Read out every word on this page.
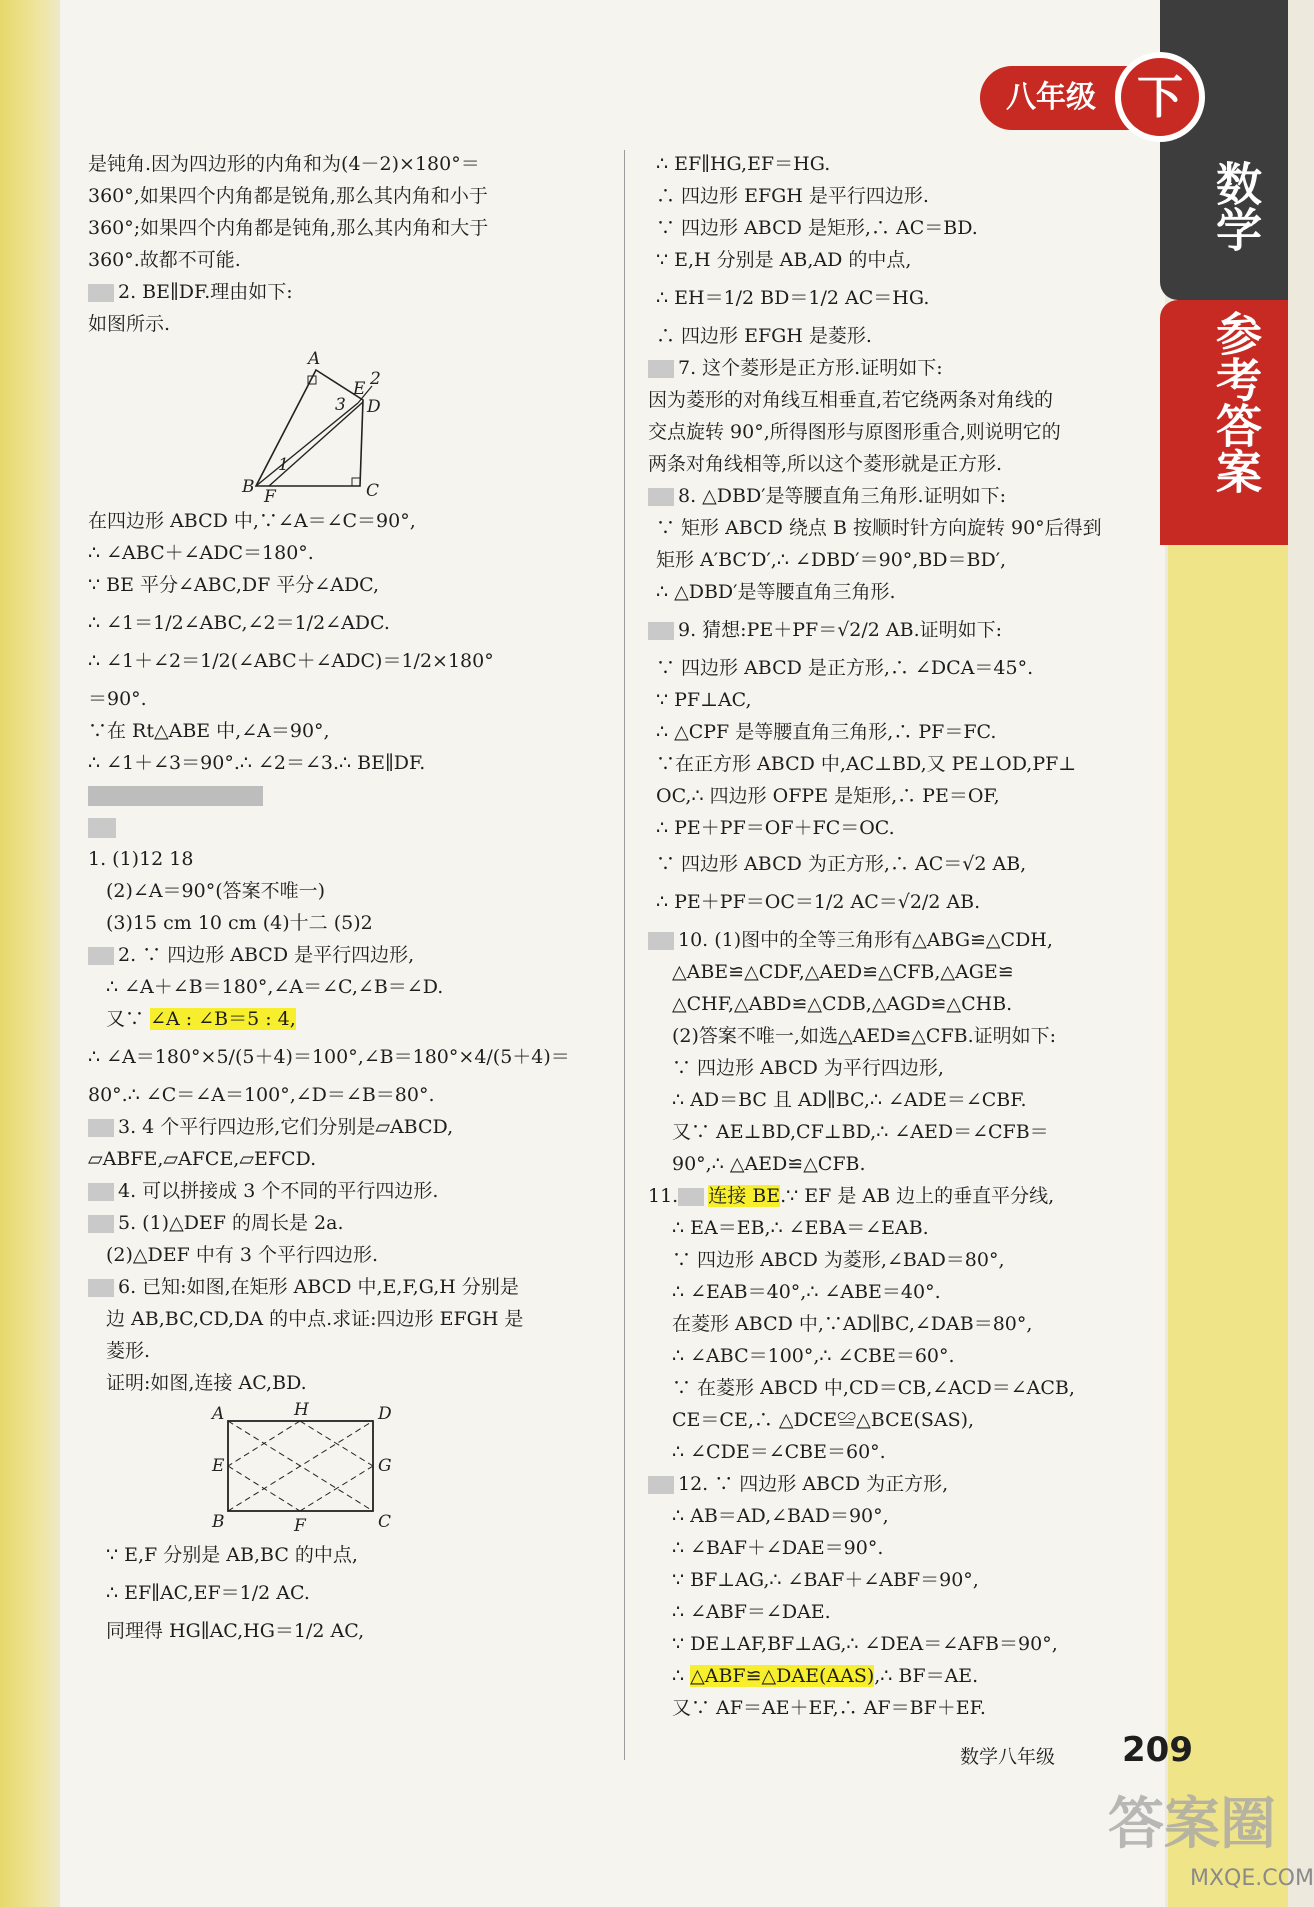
数学
参考答案
八年级 下
是钝角.因为四边形的内角和为(4－2)×180°＝
360°,如果四个内角都是锐角,那么其内角和小于
360°;如果四个内角都是钝角,那么其内角和大于
360°.故都不可能.
2. BE∥DF.理由如下:
如图所示.
A
E 2
3 D
1
B F	C
在四边形 ABCD 中,∵∠A＝∠C＝90°,
∴ ∠ABC＋∠ADC＝180°.
∵ BE 平分∠ABC,DF 平分∠ADC,
∴ ∠1＝1/2∠ABC,∠2＝1/2∠ADC.
∴ ∠1＋∠2＝1/2(∠ABC＋∠ADC)＝1/2×180°
＝90°.
∵在 Rt△ABE 中,∠A＝90°,
∴ ∠1＋∠3＝90°.∴ ∠2＝∠3.∴ BE∥DF.
1. (1)12 18
(2)∠A＝90°(答案不唯一)
(3)15 cm 10 cm (4)十二 (5)2
2. ∵ 四边形 ABCD 是平行四边形,
∴ ∠A＋∠B＝180°,∠A＝∠C,∠B＝∠D.
又∵ ∠A : ∠B＝5 : 4,
∴ ∠A＝180°×5/(5＋4)＝100°,∠B＝180°×4/(5＋4)＝
80°.∴ ∠C＝∠A＝100°,∠D＝∠B＝80°.
3. 4 个平行四边形,它们分别是▱ABCD,
▱ABFE,▱AFCE,▱EFCD.
4. 可以拼接成 3 个不同的平行四边形.
5. (1)△DEF 的周长是 2a.
(2)△DEF 中有 3 个平行四边形.
6. 已知:如图,在矩形 ABCD 中,E,F,G,H 分别是
边 AB,BC,CD,DA 的中点.求证:四边形 EFGH 是
菱形.
证明:如图,连接 AC,BD.
A	H	D
E	G
B	F	C
∵ E,F 分别是 AB,BC 的中点,
∴ EF∥AC,EF＝1/2 AC.
同理得 HG∥AC,HG＝1/2 AC,
∴ EF∥HG,EF＝HG.
∴ 四边形 EFGH 是平行四边形.
∵ 四边形 ABCD 是矩形,∴ AC＝BD.
∵ E,H 分别是 AB,AD 的中点,
∴ EH＝1/2 BD＝1/2 AC＝HG.
∴ 四边形 EFGH 是菱形.
7. 这个菱形是正方形.证明如下:
因为菱形的对角线互相垂直,若它绕两条对角线的
交点旋转 90°,所得图形与原图形重合,则说明它的
两条对角线相等,所以这个菱形就是正方形.
8. △DBD′是等腰直角三角形.证明如下:
∵ 矩形 ABCD 绕点 B 按顺时针方向旋转 90°后得到
矩形 A′BC′D′,∴ ∠DBD′＝90°,BD＝BD′,
∴ △DBD′是等腰直角三角形.
9. 猜想:PE＋PF＝√2/2 AB.证明如下:
∵ 四边形 ABCD 是正方形,∴ ∠DCA＝45°.
∵ PF⊥AC,
∴ △CPF 是等腰直角三角形,∴ PF＝FC.
∵在正方形 ABCD 中,AC⊥BD,又 PE⊥OD,PF⊥
OC,∴ 四边形 OFPE 是矩形,∴ PE＝OF,
∴ PE＋PF＝OF＋FC＝OC.
∵ 四边形 ABCD 为正方形,∴ AC＝√2 AB,
∴ PE＋PF＝OC＝1/2 AC＝√2/2 AB.
10. (1)图中的全等三角形有△ABG≌△CDH,
△ABE≌△CDF,△AED≌△CFB,△AGE≌
△CHF,△ABD≌△CDB,△AGD≌△CHB.
(2)答案不唯一,如选△AED≌△CFB.证明如下:
∵ 四边形 ABCD 为平行四边形,
∴ AD＝BC 且 AD∥BC,∴ ∠ADE＝∠CBF.
又∵ AE⊥BD,CF⊥BD,∴ ∠AED＝∠CFB＝
90°,∴ △AED≌△CFB.
11. 连接 BE.∵ EF 是 AB 边上的垂直平分线,
∴ EA＝EB,∴ ∠EBA＝∠EAB.
∵ 四边形 ABCD 为菱形,∠BAD＝80°,
∴ ∠EAB＝40°,∴ ∠ABE＝40°.
在菱形 ABCD 中,∵AD∥BC,∠DAB＝80°,
∴ ∠ABC＝100°,∴ ∠CBE＝60°.
∵ 在菱形 ABCD 中,CD＝CB,∠ACD＝∠ACB,
CE＝CE,∴ △DCE≌△BCE(SAS),
∴ ∠CDE＝∠CBE＝60°.
12. ∵ 四边形 ABCD 为正方形,
∴ AB＝AD,∠BAD＝90°,
∴ ∠BAF＋∠DAE＝90°.
∵ BF⊥AG,∴ ∠BAF＋∠ABF＝90°,
∴ ∠ABF＝∠DAE.
∵ DE⊥AF,BF⊥AG,∴ ∠DEA＝∠AFB＝90°,
∴ △ABF≌△DAE(AAS),∴ BF＝AE.
又∵ AF＝AE＋EF,∴ AF＝BF＋EF.
数学八年级 209
答案圈
MXQE.COM
